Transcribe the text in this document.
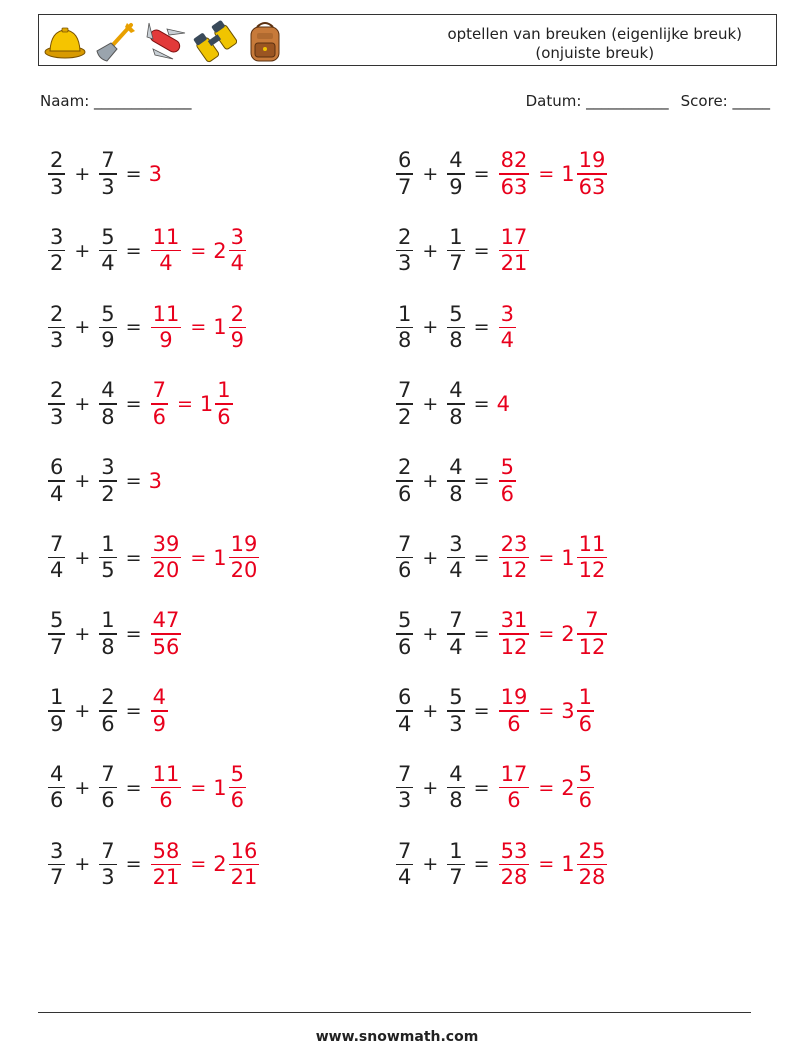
optellen van breuken (eigenlijke breuk)
(onjuiste breuk)
Naam: _____________	Datum: ___________ Score: _____
$\frac{2}{3} + \frac{7}{3} = 3$
$\frac{3}{2} + \frac{5}{4} = \frac{11}{4} = 2 \frac{3}{4}$
$\frac{2}{3} + \frac{5}{9} = \frac{11}{9} = 1 \frac{2}{9}$
$\frac{2}{3} + \frac{4}{8} = \frac{7}{6} = 1 \frac{1}{6}$
$\frac{6}{4} + \frac{3}{2} = 3$
$\frac{7}{4} + \frac{1}{5} = \frac{39}{20} = 1 \frac{19}{20}$
$\frac{5}{7} + \frac{1}{8} = \frac{47}{56}$
$\frac{1}{9} + \frac{2}{6} = \frac{4}{9}$
$\frac{4}{6} + \frac{7}{6} = \frac{11}{6} = 1 \frac{5}{6}$
$\frac{3}{7} + \frac{7}{3} = \frac{58}{21} = 2 \frac{16}{21}$
$\frac{6}{7} + \frac{4}{9} = \frac{82}{63} = 1 \frac{19}{63}$
$\frac{2}{3} + \frac{1}{7} = \frac{17}{21}$
$\frac{1}{8} + \frac{5}{8} = \frac{3}{4}$
$\frac{7}{2} + \frac{4}{8} = 4$
$\frac{2}{6} + \frac{4}{8} = \frac{5}{6}$
$\frac{7}{6} + \frac{3}{4} = \frac{23}{12} = 1 \frac{11}{12}$
$\frac{5}{6} + \frac{7}{4} = \frac{31}{12} = 2 \frac{7}{12}$
$\frac{6}{4} + \frac{5}{3} = \frac{19}{6} = 3 \frac{1}{6}$
$\frac{7}{3} + \frac{4}{8} = \frac{17}{6} = 2 \frac{5}{6}$
$\frac{7}{4} + \frac{1}{7} = \frac{53}{28} = 1 \frac{25}{28}$
www.snowmath.com
